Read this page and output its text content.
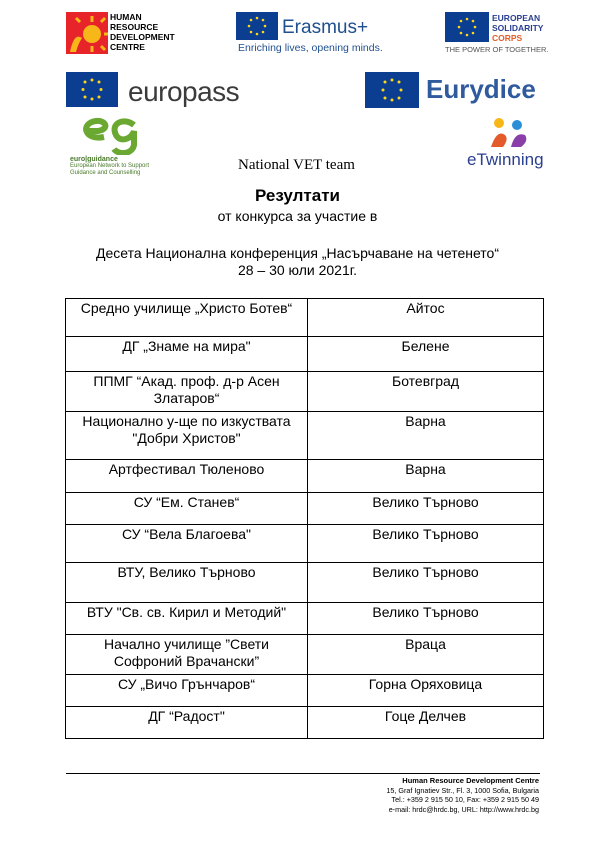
HUMAN
RESOURCE
DEVELOPMENT
CENTRE
Erasmus+
Enriching lives, opening minds.
EUROPEAN
SOLIDARITY
CORPS
THE POWER OF TOGETHER.
europass	Eurydice
euro|guidance
European Network to Support
Guidance and Counselling	National VET team	eTwinning
Резултати
от конкурса за участие в
Десета Национална конференция „Насърчаване на четенето“
28 – 30 юли 2021г.
Средно училище „Христо Ботев“	Айтос
ДГ „Знаме на мира"	Белене
ППМГ “Акад. проф. д-р Асен Златаров“	Ботевград
Национално у-ще по изкуствата "Добри Христов"	Варна
Артфестивал Тюленово	Варна
СУ “Ем. Станев“	Велико Търново
СУ “Вела Благоева"	Велико Търново
ВТУ, Велико Търново	Велико Търново
ВТУ "Св. св. Кирил и Методий"	Велико Търново
Начално училище ”Свети Софроний Врачански”	Враца
СУ „Вичо Грънчаров“	Горна Оряховица
ДГ “Радост"	Гоце Делчев
Human Resource Development Centre
15, Graf Ignatiev Str., Fl. 3, 1000 Sofia, Bulgaria
Tel.: +359 2 915 50 10, Fax: +359 2 915 50 49
e-mail: hrdc@hrdc.bg, URL: http://www.hrdc.bg
